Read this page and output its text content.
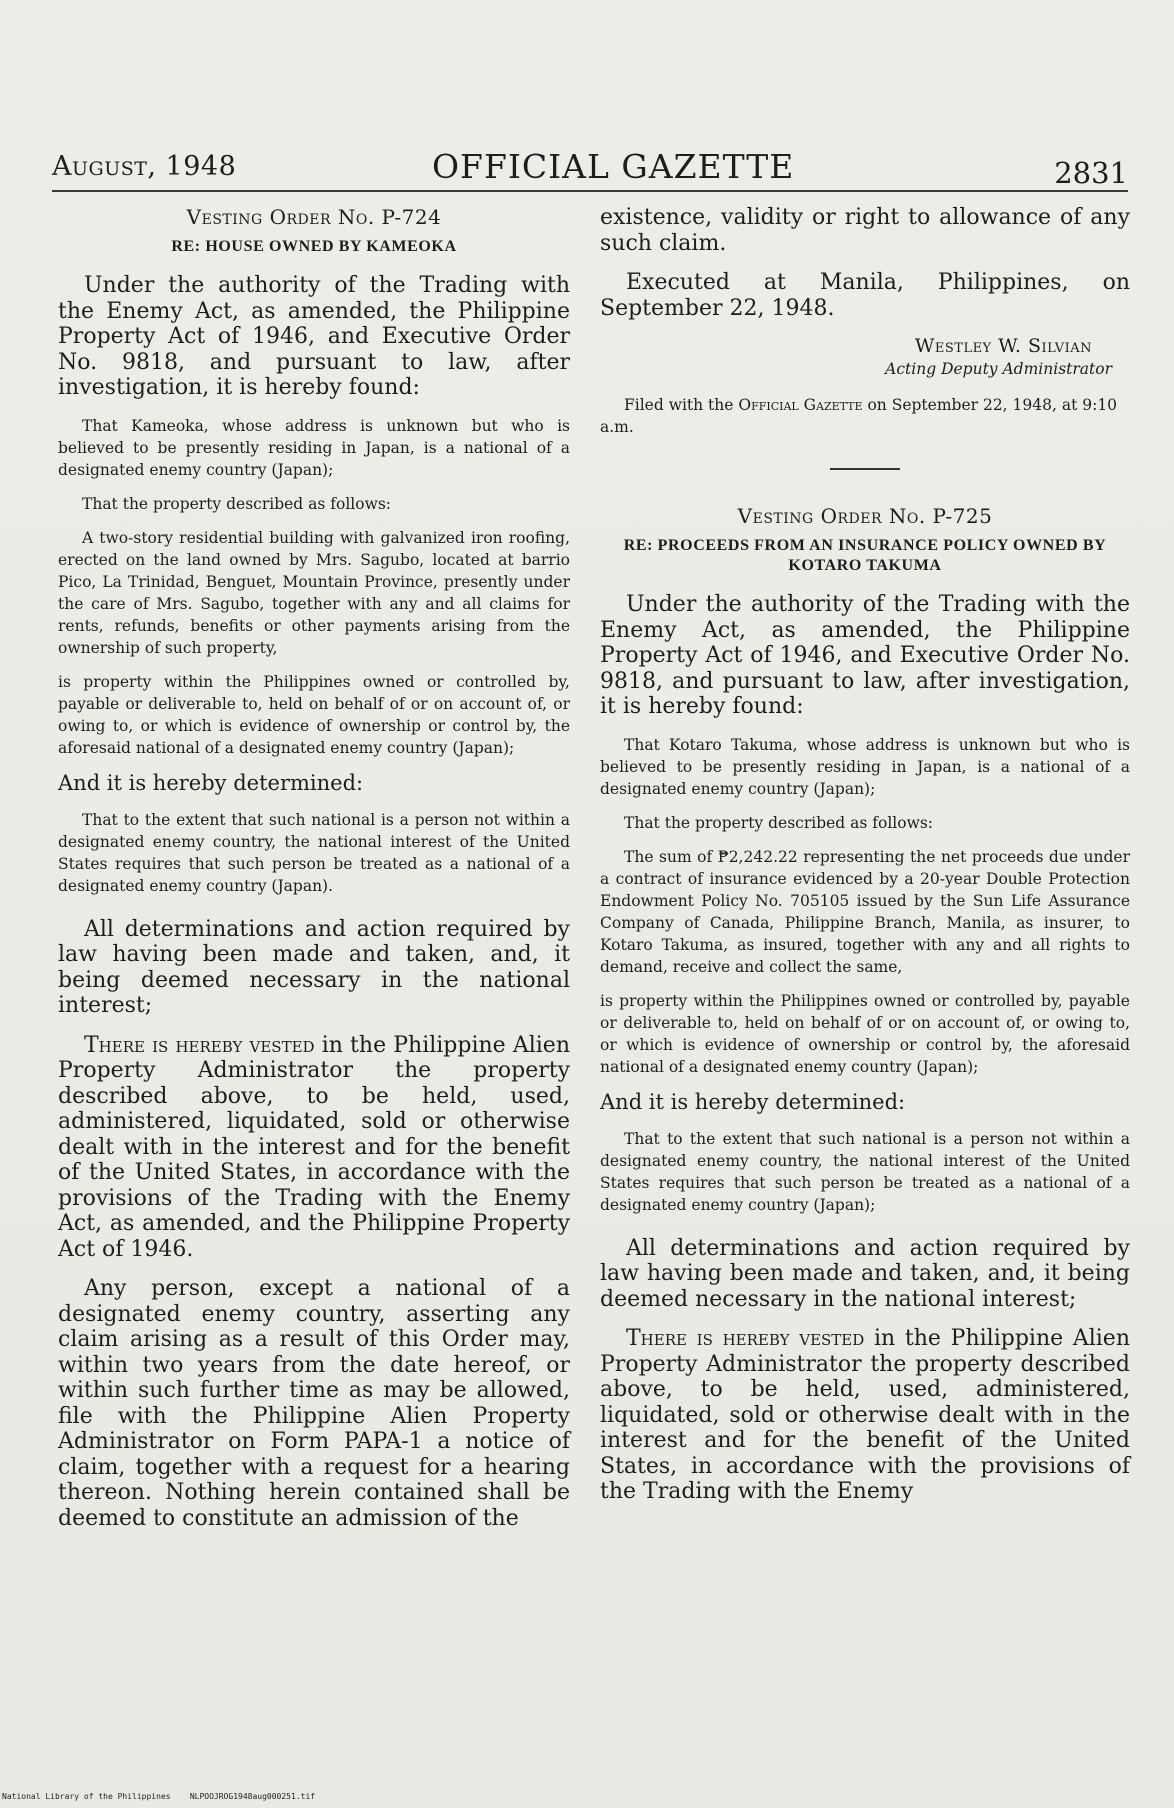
August, 1948	OFFICIAL GAZETTE	2831
Vesting Order No. P-724
RE: HOUSE OWNED BY KAMEOKA

Under the authority of the Trading with the Enemy Act, as amended, the Philippine Property Act of 1946, and Executive Order No. 9818, and pursuant to law, after investigation, it is hereby found:

That Kameoka, whose address is unknown but who is believed to be presently residing in Japan, is a national of a designated enemy country (Japan);

That the property described as follows:

A two-story residential building with galvanized iron roofing, erected on the land owned by Mrs. Sagubo, located at barrio Pico, La Trinidad, Benguet, Mountain Province, presently under the care of Mrs. Sagubo, together with any and all claims for rents, refunds, benefits or other payments arising from the ownership of such property,

is property within the Philippines owned or controlled by, payable or deliverable to, held on behalf of or on account of, or owing to, or which is evidence of ownership or control by, the aforesaid national of a designated enemy country (Japan);

And it is hereby determined:

That to the extent that such national is a person not within a designated enemy country, the national interest of the United States requires that such person be treated as a national of a designated enemy country (Japan).

All determinations and action required by law having been made and taken, and, it being deemed necessary in the national interest;

There is hereby vested in the Philippine Alien Property Administrator the property described above, to be held, used, administered, liquidated, sold or otherwise dealt with in the interest and for the benefit of the United States, in accordance with the provisions of the Trading with the Enemy Act, as amended, and the Philippine Property Act of 1946.

Any person, except a national of a designated enemy country, asserting any claim arising as a result of this Order may, within two years from the date hereof, or within such further time as may be allowed, file with the Philippine Alien Property Administrator on Form PAPA-1 a notice of claim, together with a request for a hearing thereon. Nothing herein contained shall be deemed to constitute an admission of the

existence, validity or right to allowance of any such claim.

Executed at Manila, Philippines, on September 22, 1948.

Westley W. Silvian
Acting Deputy Administrator

Filed with the Official Gazette on September 22, 1948, at 9:10 a.m.

Vesting Order No. P-725
RE: PROCEEDS FROM AN INSURANCE POLICY OWNED BY KOTARO TAKUMA

Under the authority of the Trading with the Enemy Act, as amended, the Philippine Property Act of 1946, and Executive Order No. 9818, and pursuant to law, after investigation, it is hereby found:

That Kotaro Takuma, whose address is unknown but who is believed to be presently residing in Japan, is a national of a designated enemy country (Japan);

That the property described as follows:

The sum of ₱2,242.22 representing the net proceeds due under a contract of insurance evidenced by a 20-year Double Protection Endowment Policy No. 705105 issued by the Sun Life Assurance Company of Canada, Philippine Branch, Manila, as insurer, to Kotaro Takuma, as insured, together with any and all rights to demand, receive and collect the same,

is property within the Philippines owned or controlled by, payable or deliverable to, held on behalf of or on account of, or owing to, or which is evidence of ownership or control by, the aforesaid national of a designated enemy country (Japan);

And it is hereby determined:

That to the extent that such national is a person not within a designated enemy country, the national interest of the United States requires that such person be treated as a national of a designated enemy country (Japan);

All determinations and action required by law having been made and taken, and, it being deemed necessary in the national interest;

There is hereby vested in the Philippine Alien Property Administrator the property described above, to be held, used, administered, liquidated, sold or otherwise dealt with in the interest and for the benefit of the United States, in accordance with the provisions of the Trading with the Enemy

National Library of the Philippines NLPOOJROG1948aug000251.tif
